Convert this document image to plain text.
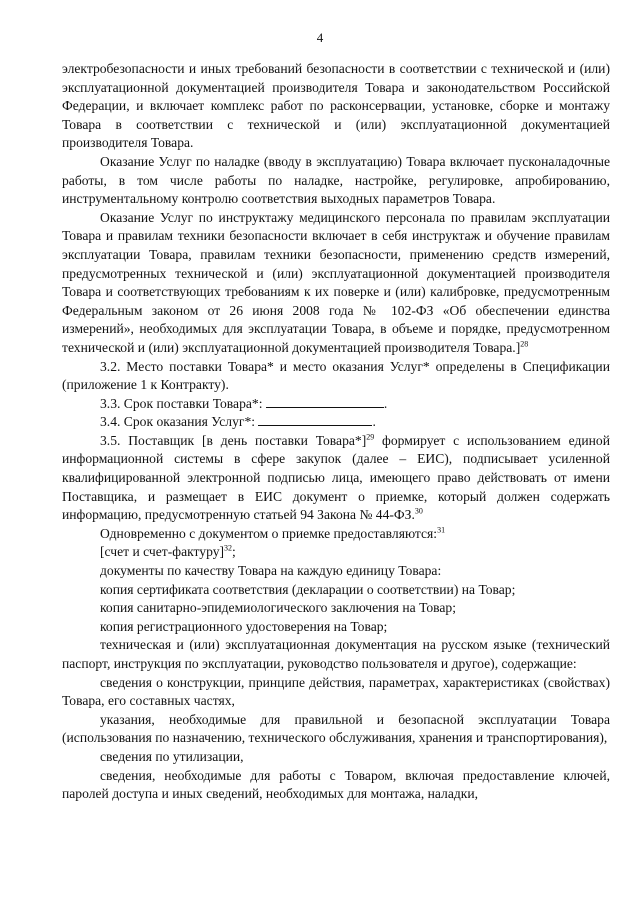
4

электробезопасности и иных требований безопасности в соответствии с технической и (или) эксплуатационной документацией производителя Товара и законодательством Российской Федерации, и включает комплекс работ по расконсервации, установке, сборке и монтажу Товара в соответствии с технической и (или) эксплуатационной документацией производителя Товара.

Оказание Услуг по наладке (вводу в эксплуатацию) Товара включает пусконаладочные работы, в том числе работы по наладке, настройке, регулировке, апробированию, инструментальному контролю соответствия выходных параметров Товара.

Оказание Услуг по инструктажу медицинского персонала по правилам эксплуатации Товара и правилам техники безопасности включает в себя инструктаж и обучение правилам эксплуатации Товара, правилам техники безопасности, применению средств измерений, предусмотренных технической и (или) эксплуатационной документацией производителя Товара и соответствующих требованиям к их поверке и (или) калибровке, предусмотренным Федеральным законом от 26 июня 2008 года № 102-ФЗ «Об обеспечении единства измерений», необходимых для эксплуатации Товара, в объеме и порядке, предусмотренном технической и (или) эксплуатационной документацией производителя Товара.]$^{28}$

3.2. Место поставки Товара* и место оказания Услуг* определены в Спецификации (приложение 1 к Контракту).

3.3. Срок поставки Товара*:	.

3.4. Срок оказания Услуг*:	.

3.5. Поставщик [в день поставки Товара*]$^{29}$ формирует с использованием единой информационной системы в сфере закупок (далее – ЕИС), подписывает усиленной квалифицированной электронной подписью лица, имеющего право действовать от имени Поставщика, и размещает в ЕИС документ о приемке, который должен содержать информацию, предусмотренную статьей 94 Закона № 44-ФЗ.$^{30}$

Одновременно с документом о приемке предоставляются:$^{31}$

[счет и счет-фактуру]$^{32}$;

документы по качеству Товара на каждую единицу Товара:

копия сертификата соответствия (декларации о соответствии) на Товар;

копия санитарно-эпидемиологического заключения на Товар;

копия регистрационного удостоверения на Товар;

техническая и (или) эксплуатационная документация на русском языке (технический паспорт, инструкция по эксплуатации, руководство пользователя и другое), содержащие:

сведения о конструкции, принципе действия, параметрах, характеристиках (свойствах) Товара, его составных частях,

указания, необходимые для правильной и безопасной эксплуатации Товара (использования по назначению, технического обслуживания, хранения и транспортирования),

сведения по утилизации,

сведения, необходимые для работы с Товаром, включая предоставление ключей, паролей доступа и иных сведений, необходимых для монтажа, наладки,
